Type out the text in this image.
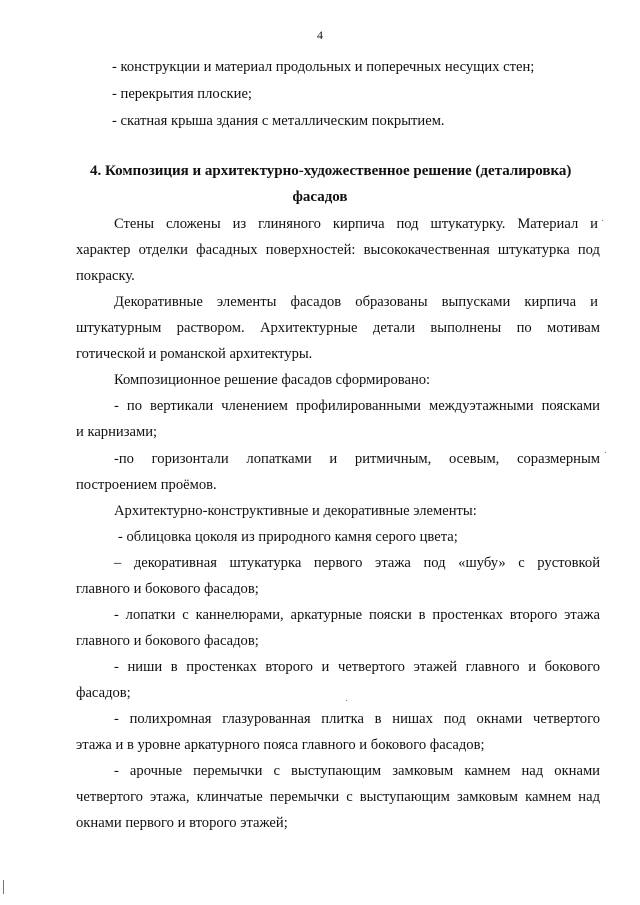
4
- конструкции и материал продольных и поперечных несущих стен;
- перекрытия плоские;
- скатная крыша здания с металлическим покрытием.
4. Композиция и архитектурно-художественное решение (деталировка)
фасадов
Стены сложены из глиняного кирпича под штукатурку. Материал и
характер отделки фасадных поверхностей: высококачественная штукатурка под
покраску.
Декоративные элементы фасадов образованы выпусками кирпича и
штукатурным раствором. Архитектурные детали выполнены по мотивам
готической и романской архитектуры.
Композиционное решение фасадов сформировано:
- по вертикали членением профилированными междуэтажными поясками
и карнизами;
-по горизонтали лопатками и ритмичным, осевым, соразмерным
построением проёмов.
Архитектурно-конструктивные и декоративные элементы:
- облицовка цоколя из природного камня серого цвета;
– декоративная штукатурка первого этажа под «шубу» с рустовкой
главного и бокового фасадов;
- лопатки с каннелюрами, аркатурные пояски в простенках второго этажа
главного и бокового фасадов;
- ниши в простенках второго и четвертого этажей главного и бокового
фасадов;
- полихромная глазурованная плитка в нишах под окнами четвертого
этажа и в уровне аркатурного пояса главного и бокового фасадов;
- арочные перемычки с выступающим замковым камнем над окнами
четвертого этажа, клинчатые перемычки с выступающим замковым камнем над
окнами первого и второго этажей;
